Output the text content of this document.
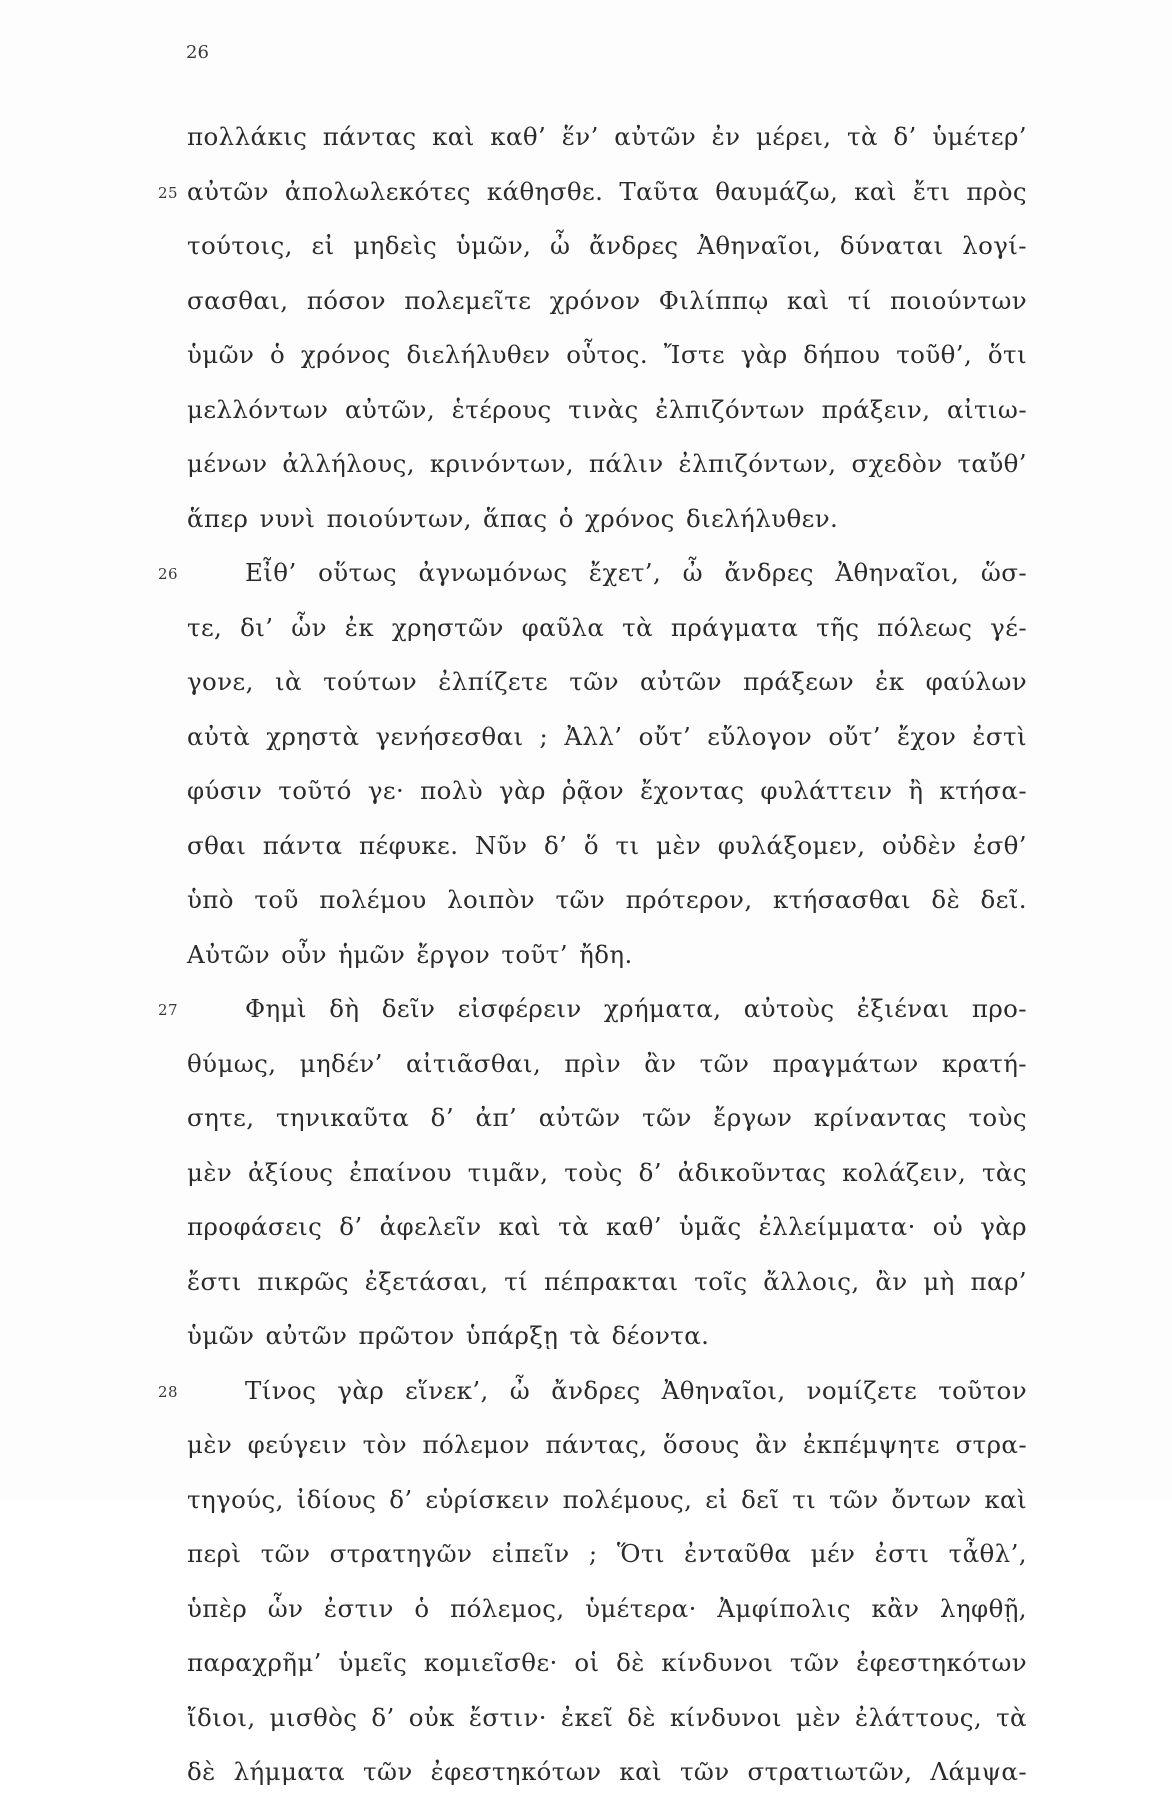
26
πολλάκις πάντας καὶ καθ’ ἕν’ αὐτῶν ἐν μέρει, τὰ δ’ ὑμέτερ’
25 αὐτῶν ἀπολωλεκότες κάθησθε. Ταῦτα θαυμάζω, καὶ ἔτι πρὸς
τούτοις, εἰ μηδεὶς ὑμῶν, ὦ ἄνδρες Ἀθηναῖοι, δύναται λογί-
σασθαι, πόσον πολεμεῖτε χρόνον Φιλίππῳ καὶ τί ποιούντων
ὑμῶν ὁ χρόνος διελήλυθεν οὗτος. Ἴστε γὰρ δήπου τοῦθ’, ὅτι
μελλόντων αὐτῶν, ἑτέρους τινὰς ἐλπιζόντων πράξειν, αἰτιω-
μένων ἀλλήλους, κρινόντων, πάλιν ἐλπιζόντων, σχεδὸν ταὔθ’
ἅπερ νυνὶ ποιούντων, ἅπας ὁ χρόνος διελήλυθεν.
26	Εἶθ’ οὕτως ἀγνωμόνως ἔχετ’, ὦ ἄνδρες Ἀθηναῖοι, ὥσ-
τε, δι’ ὧν ἐκ χρηστῶν φαῦλα τὰ πράγματα τῆς πόλεως γέ-
γονε, ‍ιὰ τούτων ἐλπίζετε τῶν αὐτῶν πράξεων ἐκ φαύλων
αὐτὰ χρηστὰ γενήσεσθαι ; Ἀλλ’ οὔτ’ εὔλογον οὔτ’ ἔχον ἐστὶ
φύσιν τοῦτό γε· πολὺ γὰρ ῥᾷον ἔχοντας φυλάττειν ἢ κτήσα-
σθαι πάντα πέφυκε. Νῦν δ’ ὅ τι μὲν φυλάξομεν, οὐδὲν ἐσθ’
ὑπὸ τοῦ πολέμου λοιπὸν τῶν πρότερον, κτήσασθαι δὲ δεῖ.
Αὐτῶν οὖν ἡμῶν ἔργον τοῦτ’ ἤδη.
27	Φημὶ δὴ δεῖν εἰσφέρειν χρήματα, αὐτοὺς ἐξιέναι προ-
θύμως, μηδέν’ αἰτιᾶσθαι, πρὶν ἂν τῶν πραγμάτων κρατή-
σητε, τηνικαῦτα δ’ ἀπ’ αὐτῶν τῶν ἔργων κρίναντας τοὺς
μὲν ἀξίους ἐπαίνου τιμᾶν, τοὺς δ’ ἀδικοῦντας κολάζειν, τὰς
προφάσεις δ’ ἀφελεῖν καὶ τὰ καθ’ ὑμᾶς ἐλλείμματα· οὐ γὰρ
ἔστι πικρῶς ἐξετάσαι, τί πέπρακται τοῖς ἄλλοις, ἂν μὴ παρ’
ὑμῶν αὐτῶν πρῶτον ὑπάρξῃ τὰ δέοντα.
28	Τίνος γὰρ εἵνεκ’, ὦ ἄνδρες Ἀθηναῖοι, νομίζετε τοῦτον
μὲν φεύγειν τὸν πόλεμον πάντας, ὅσους ἂν ἐκπέμψητε στρα-
τηγούς, ἰδίους δ’ εὑρίσκειν πολέμους, εἰ δεῖ τι τῶν ὄντων καὶ
περὶ τῶν στρατηγῶν εἰπεῖν ; Ὅτι ἐνταῦθα μέν ἐστι τἆθλ’,
ὑπὲρ ὧν ἐστιν ὁ πόλεμος, ὑμέτερα· Ἀμφίπολις κἂν ληφθῇ,
παραχρῆμ’ ὑμεῖς κομιεῖσθε· οἱ δὲ κίνδυνοι τῶν ἐφεστηκότων
ἴδιοι, μισθὸς δ’ οὐκ ἔστιν· ἐκεῖ δὲ κίνδυνοι μὲν ἐλάττους, τὰ
δὲ λήμματα τῶν ἐφεστηκότων καὶ τῶν στρατιωτῶν, Λάμψα-
